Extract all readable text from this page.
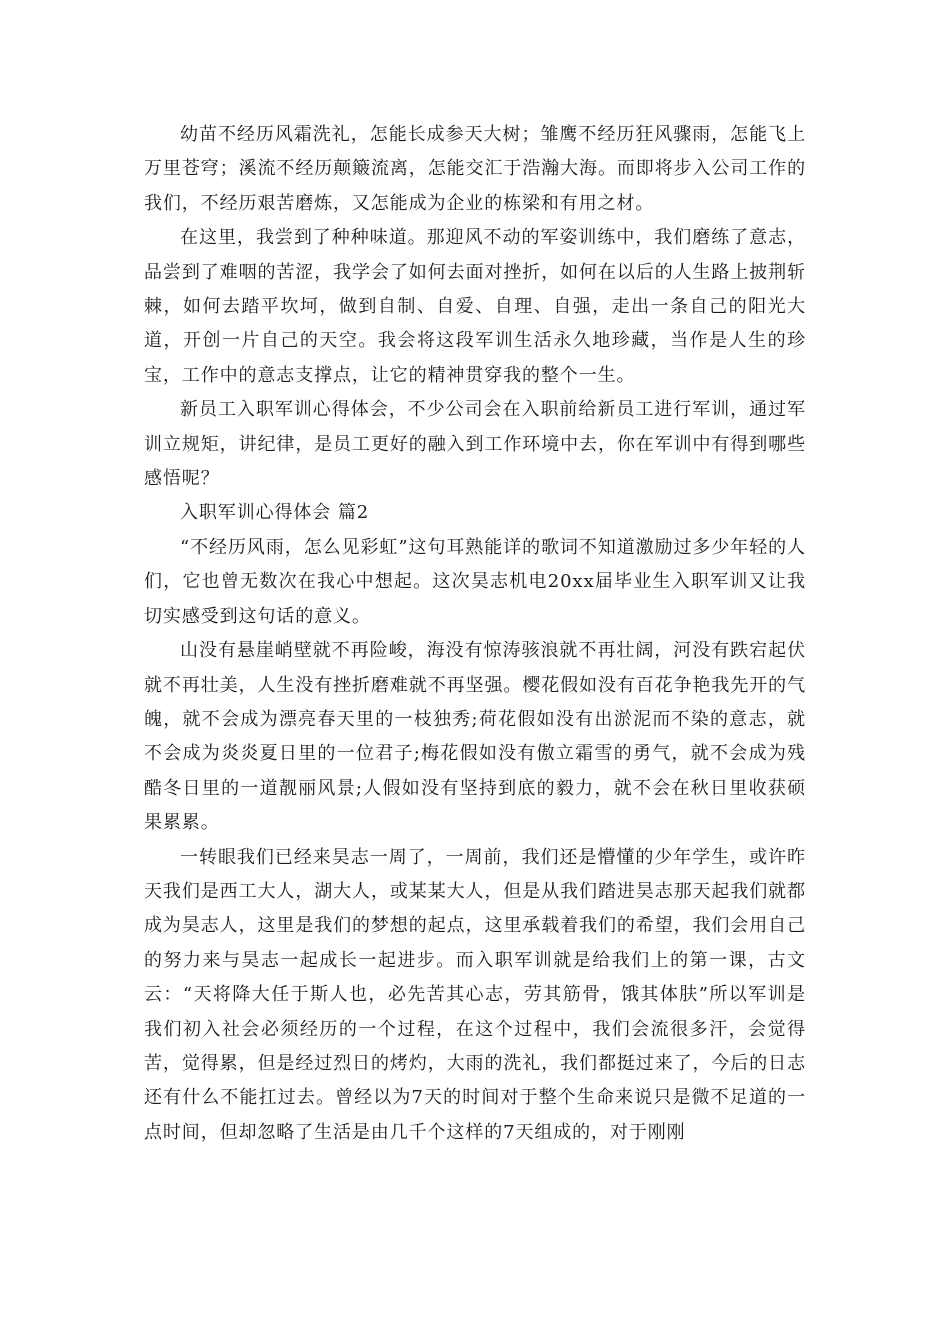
幼苗不经历风霜洗礼，怎能长成参天大树；雏鹰不经历狂风骤雨，怎能飞上万里苍穹；溪流不经历颠簸流离，怎能交汇于浩瀚大海。而即将步入公司工作的我们，不经历艰苦磨炼，又怎能成为企业的栋梁和有用之材。

在这里，我尝到了种种味道。那迎风不动的军姿训练中，我们磨练了意志，品尝到了难咽的苦涩，我学会了如何去面对挫折，如何在以后的人生路上披荆斩棘，如何去踏平坎坷，做到自制、自爱、自理、自强，走出一条自己的阳光大道，开创一片自己的天空。我会将这段军训生活永久地珍藏，当作是人生的珍宝，工作中的意志支撑点，让它的精神贯穿我的整个一生。

新员工入职军训心得体会，不少公司会在入职前给新员工进行军训，通过军训立规矩，讲纪律，是员工更好的融入到工作环境中去，你在军训中有得到哪些感悟呢？

入职军训心得体会 篇2

“不经历风雨，怎么见彩虹”这句耳熟能详的歌词不知道激励过多少年轻的人们，它也曾无数次在我心中想起。这次昊志机电20xx届毕业生入职军训又让我切实感受到这句话的意义。

山没有悬崖峭壁就不再险峻，海没有惊涛骇浪就不再壮阔，河没有跌宕起伏就不再壮美，人生没有挫折磨难就不再坚强。樱花假如没有百花争艳我先开的气魄，就不会成为漂亮春天里的一枝独秀;荷花假如没有出淤泥而不染的意志，就不会成为炎炎夏日里的一位君子;梅花假如没有傲立霜雪的勇气，就不会成为残酷冬日里的一道靓丽风景;人假如没有坚持到底的毅力，就不会在秋日里收获硕果累累。

一转眼我们已经来昊志一周了，一周前，我们还是懵懂的少年学生，或许昨天我们是西工大人，湖大人，或某某大人，但是从我们踏进昊志那天起我们就都成为昊志人，这里是我们的梦想的起点，这里承载着我们的希望，我们会用自己的努力来与昊志一起成长一起进步。而入职军训就是给我们上的第一课，古文云：“天将降大任于斯人也，必先苦其心志，劳其筋骨，饿其体肤”所以军训是我们初入社会必须经历的一个过程，在这个过程中，我们会流很多汗，会觉得苦，觉得累，但是经过烈日的烤灼，大雨的洗礼，我们都挺过来了，今后的日志还有什么不能扛过去。曾经以为7天的时间对于整个生命来说只是微不足道的一点时间，但却忽略了生活是由几千个这样的7天组成的，对于刚刚
